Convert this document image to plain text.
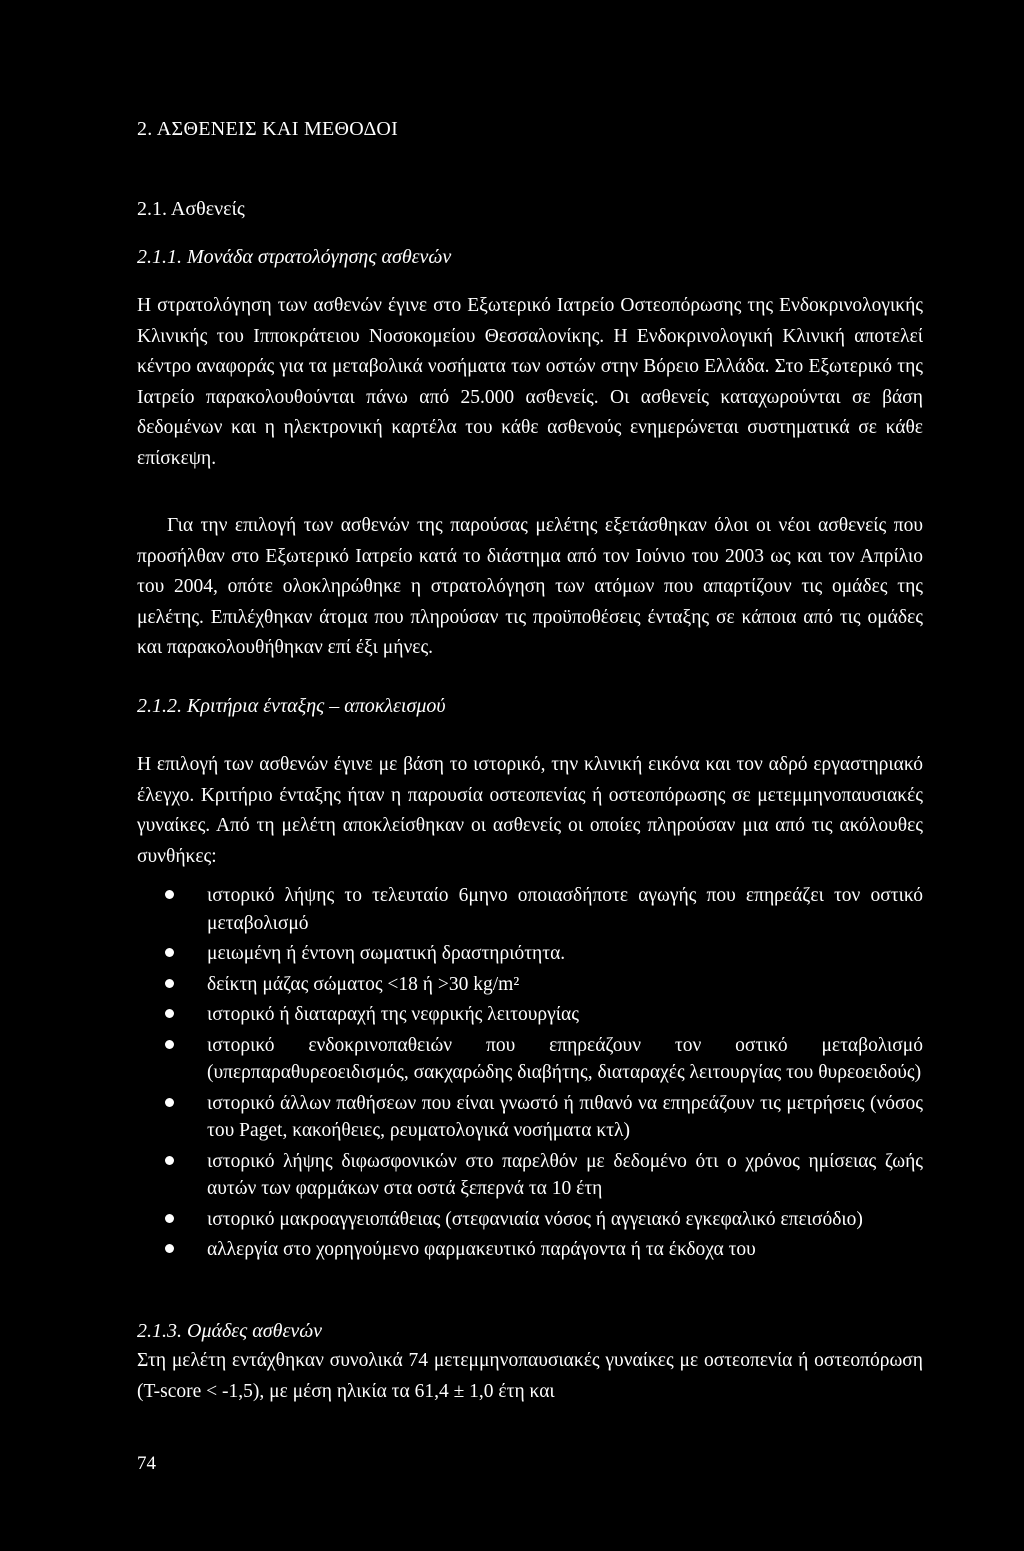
2. ΑΣΘΕΝΕΙΣ ΚΑΙ ΜΕΘΟΔΟΙ
2.1. Ασθενείς
2.1.1. Μονάδα στρατολόγησης ασθενών
Η στρατολόγηση των ασθενών έγινε στο Εξωτερικό Ιατρείο Οστεοπόρωσης της Ενδοκρινολογικής Κλινικής του Ιπποκράτειου Νοσοκομείου Θεσσαλονίκης. Η Ενδοκρινολογική Κλινική αποτελεί κέντρο αναφοράς για τα μεταβολικά νοσήματα των οστών στην Βόρειο Ελλάδα. Στο Εξωτερικό της Ιατρείο παρακολουθούνται πάνω από 25.000 ασθενείς. Οι ασθενείς καταχωρούνται σε βάση δεδομένων και η ηλεκτρονική καρτέλα του κάθε ασθενούς ενημερώνεται συστηματικά σε κάθε επίσκεψη.
Για την επιλογή των ασθενών της παρούσας μελέτης εξετάσθηκαν όλοι οι νέοι ασθενείς που προσήλθαν στο Εξωτερικό Ιατρείο κατά το διάστημα από τον Ιούνιο του 2003 ως και τον Απρίλιο του 2004, οπότε ολοκληρώθηκε η στρατολόγηση των ατόμων που απαρτίζουν τις ομάδες της μελέτης. Επιλέχθηκαν άτομα που πληρούσαν τις προϋποθέσεις ένταξης σε κάποια από τις ομάδες και παρακολουθήθηκαν επί έξι μήνες.
2.1.2. Κριτήρια ένταξης – αποκλεισμού
Η επιλογή των ασθενών έγινε με βάση το ιστορικό, την κλινική εικόνα και τον αδρό εργαστηριακό έλεγχο. Κριτήριο ένταξης ήταν η παρουσία οστεοπενίας ή οστεοπόρωσης σε μετεμμηνοπαυσιακές γυναίκες. Από τη μελέτη αποκλείσθηκαν οι ασθενείς οι οποίες πληρούσαν μια από τις ακόλουθες συνθήκες:
ιστορικό λήψης το τελευταίο 6μηνο οποιασδήποτε αγωγής που επηρεάζει τον οστικό μεταβολισμό
μειωμένη ή έντονη σωματική δραστηριότητα.
δείκτη μάζας σώματος <18 ή >30 kg/m²
ιστορικό ή διαταραχή της νεφρικής λειτουργίας
ιστορικό ενδοκρινοπαθειών που επηρεάζουν τον οστικό μεταβολισμό (υπερπαραθυρεοειδισμός, σακχαρώδης διαβήτης, διαταραχές λειτουργίας του θυρεοειδούς)
ιστορικό άλλων παθήσεων που είναι γνωστό ή πιθανό να επηρεάζουν τις μετρήσεις (νόσος του Paget, κακοήθειες, ρευματολογικά νοσήματα κτλ)
ιστορικό λήψης διφωσφονικών στο παρελθόν με δεδομένο ότι ο χρόνος ημίσειας ζωής αυτών των φαρμάκων στα οστά ξεπερνά τα 10 έτη
ιστορικό μακροαγγειοπάθειας (στεφανιαία νόσος ή αγγειακό εγκεφαλικό επεισόδιο)
αλλεργία στο χορηγούμενο φαρμακευτικό παράγοντα ή τα έκδοχα του
2.1.3. Ομάδες ασθενών
Στη μελέτη εντάχθηκαν συνολικά 74 μετεμμηνοπαυσιακές γυναίκες με οστεοπενία ή οστεοπόρωση (T-score < -1,5), με μέση ηλικία τα 61,4 ± 1,0 έτη και
74
